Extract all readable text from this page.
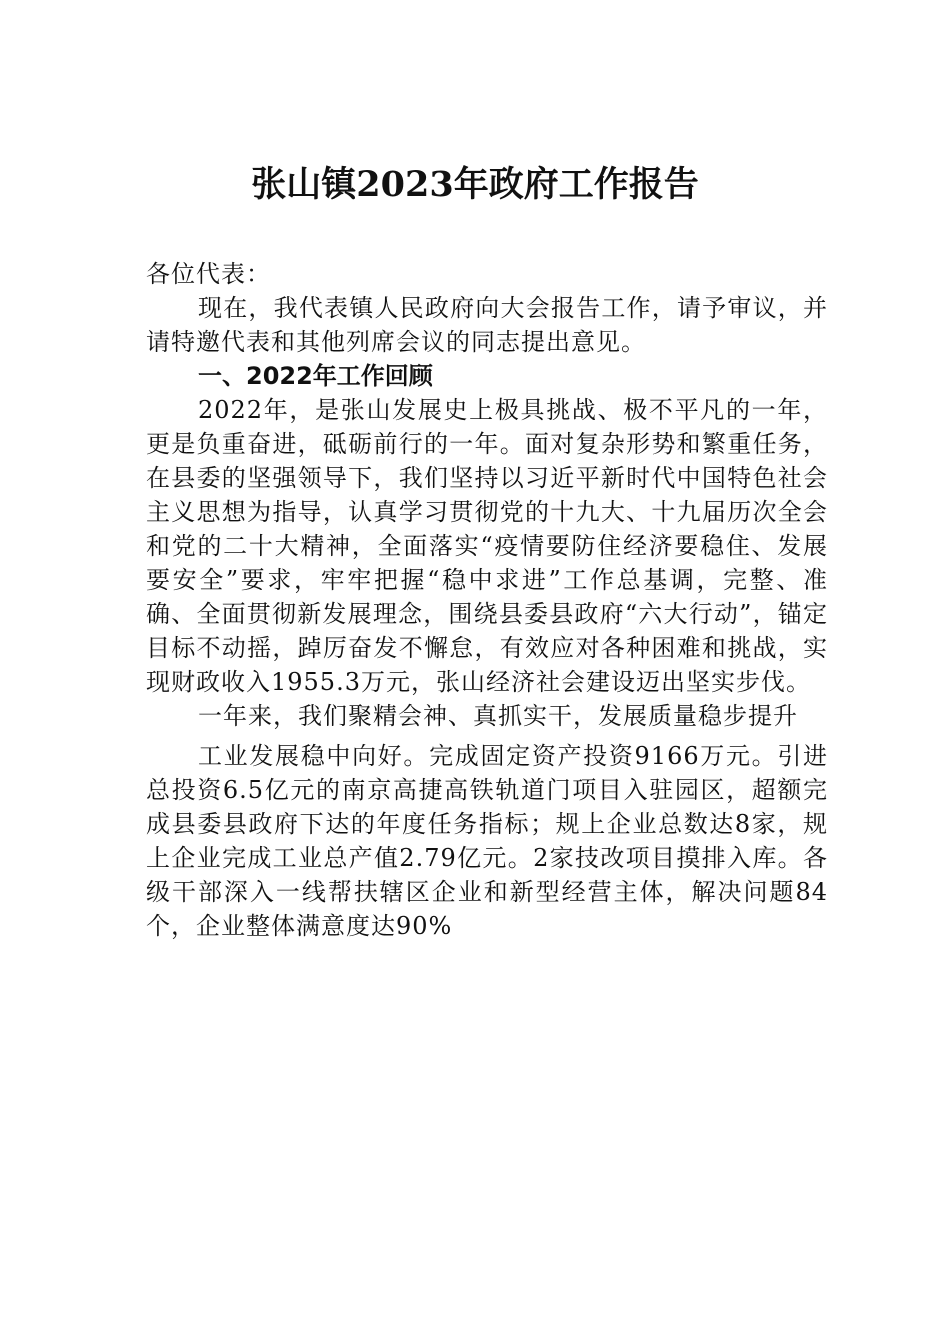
张山镇2023年政府工作报告

各位代表：

现在，我代表镇人民政府向大会报告工作，请予审议，并请特邀代表和其他列席会议的同志提出意见。

一、2022年工作回顾

2022年，是张山发展史上极具挑战、极不平凡的一年，更是负重奋进，砥砺前行的一年。面对复杂形势和繁重任务，在县委的坚强领导下，我们坚持以习近平新时代中国特色社会主义思想为指导，认真学习贯彻党的十九大、十九届历次全会和党的二十大精神，全面落实“疫情要防住经济要稳住、发展要安全”要求，牢牢把握“稳中求进”工作总基调，完整、准确、全面贯彻新发展理念，围绕县委县政府“六大行动”，锚定目标不动摇，踔厉奋发不懈怠，有效应对各种困难和挑战，实现财政收入1955.3万元，张山经济社会建设迈出坚实步伐。

一年来，我们聚精会神、真抓实干，发展质量稳步提升

工业发展稳中向好。完成固定资产投资9166万元。引进总投资6.5亿元的南京高捷高铁轨道门项目入驻园区，超额完成县委县政府下达的年度任务指标；规上企业总数达8家，规上企业完成工业总产值2.79亿元。2家技改项目摸排入库。各级干部深入一线帮扶辖区企业和新型经营主体，解决问题84个，企业整体满意度达90%
